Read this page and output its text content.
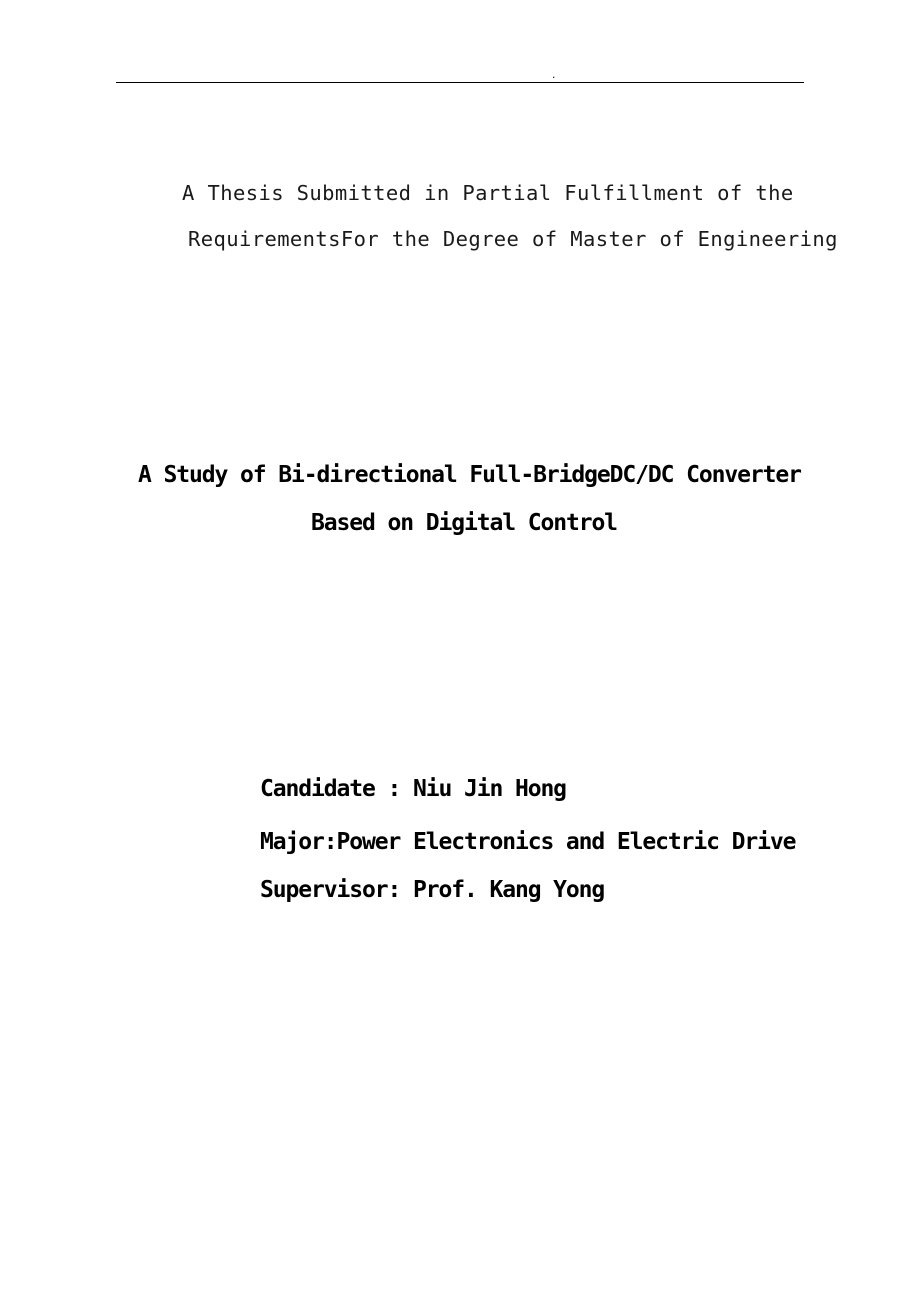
.
A Thesis Submitted in Partial Fulfillment of the
RequirementsFor the Degree of Master of Engineering
A Study of Bi-directional Full-BridgeDC/DC Converter
Based on Digital Control
Candidate : Niu Jin Hong
Major:Power Electronics and Electric Drive
Supervisor: Prof. Kang Yong
